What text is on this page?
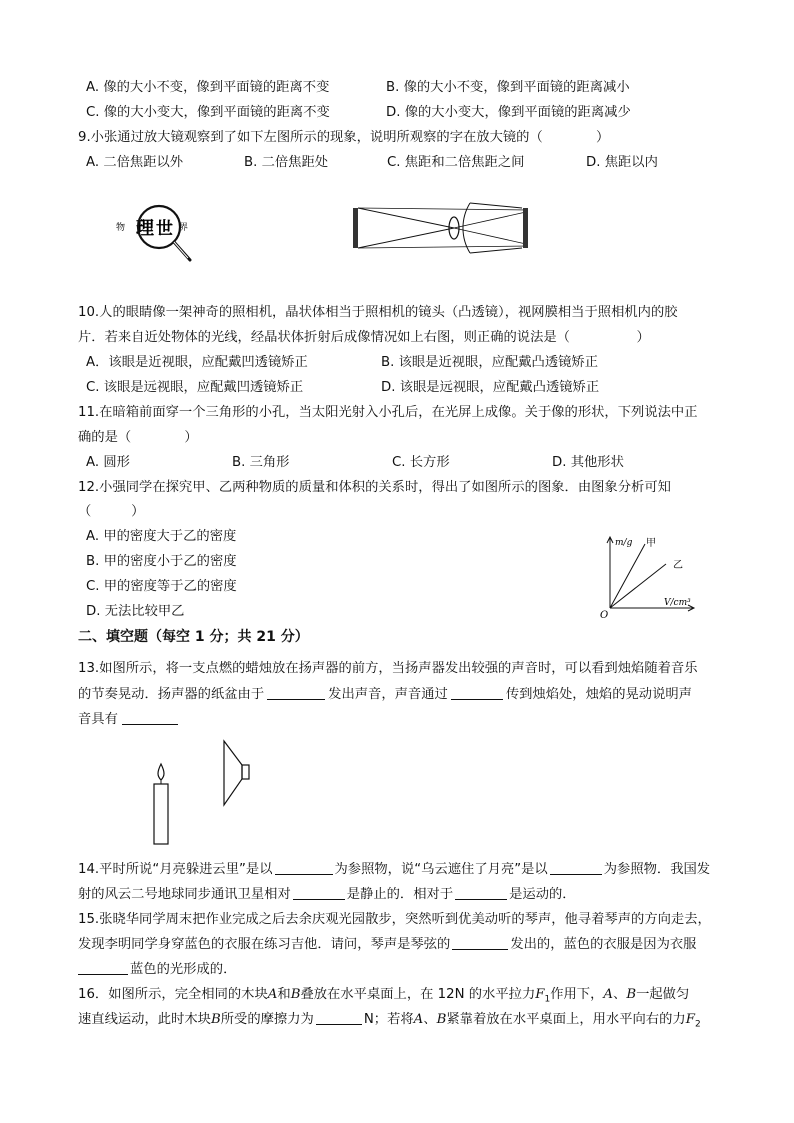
A. 像的大小不变，像到平面镜的距离不变	B. 像的大小不变，像到平面镜的距离减小
C. 像的大小变大，像到平面镜的距离不变	D. 像的大小变大，像到平面镜的距离减少
9.小张通过放大镜观察到了如下左图所示的现象，说明所观察的字在放大镜的（　　　　）
A. 二倍焦距以外	B. 二倍焦距处	C. 焦距和二倍焦距之间	D. 焦距以内
物 理 世 界
10.人的眼睛像一架神奇的照相机，晶状体相当于照相机的镜头（凸透镜），视网膜相当于照相机内的胶
片．若来自近处物体的光线，经晶状体折射后成像情况如上右图，则正确的说法是（　　　　　）
A．该眼是近视眼，应配戴凹透镜矫正	B. 该眼是近视眼，应配戴凸透镜矫正
C. 该眼是远视眼，应配戴凹透镜矫正	D. 该眼是远视眼，应配戴凸透镜矫正
11.在暗箱前面穿一个三角形的小孔，当太阳光射入小孔后，在光屏上成像。关于像的形状，下列说法中正
确的是（　　　　）
A. 圆形	B. 三角形	C. 长方形	D. 其他形状
12.小强同学在探究甲、乙两种物质的质量和体积的关系时，得出了如图所示的图象．由图象分析可知
（　　　）
A. 甲的密度大于乙的密度
B. 甲的密度小于乙的密度
C. 甲的密度等于乙的密度
D. 无法比较甲乙
m/g 甲
乙
V/cm³
O
二、填空题（每空 1 分；共 21 分）
13.如图所示，将一支点燃的蜡烛放在扬声器的前方，当扬声器发出较强的声音时，可以看到烛焰随着音乐
的节奏晃动．扬声器的纸盆由于	发出声音，声音通过	传到烛焰处，烛焰的晃动说明声
音具有
14.平时所说“月亮躲进云里”是以	为参照物，说“乌云遮住了月亮”是以	为参照物．我国发
射的风云二号地球同步通讯卫星相对	是静止的．相对于	是运动的．
15.张晓华同学周末把作业完成之后去余庆观光园散步，突然听到优美动听的琴声，他寻着琴声的方向走去，
发现李明同学身穿蓝色的衣服在练习吉他．请问，琴声是琴弦的	发出的，蓝色的衣服是因为衣服
蓝色的光形成的．
16．如图所示，完全相同的木块A和B叠放在水平桌面上，在 12N 的水平拉力$F_1$作用下，A、B一起做匀
速直线运动，此时木块B所受的摩擦力为	N；若将A、B紧靠着放在水平桌面上，用水平向右的力$F_2$
